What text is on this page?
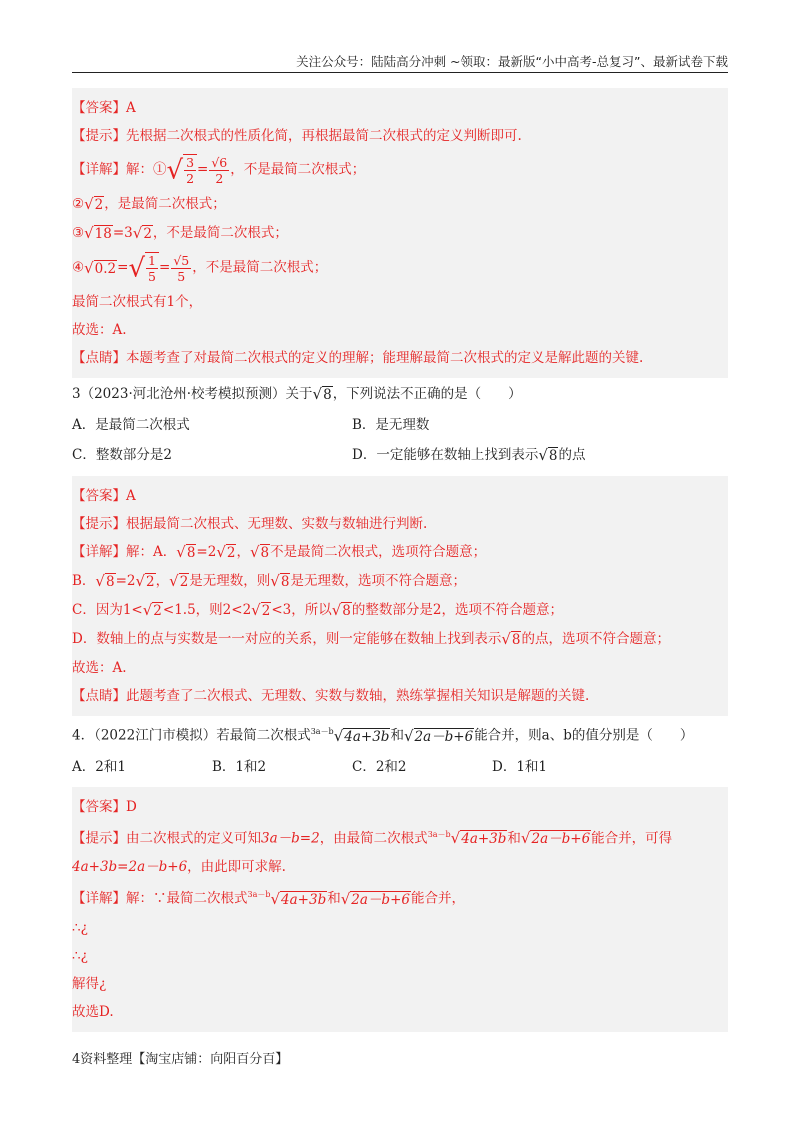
关注公众号：陆陆高分冲刺 ~领取：最新版“小中高考-总复习”、最新试卷下载
【答案】A
【提示】先根据二次根式的性质化简，再根据最简二次根式的定义判断即可.
【详解】解：①√ $\frac{3}{2} = \frac{√6}{2}$ ，不是最简二次根式；
②√2，是最简二次根式；
③√18=3√2，不是最简二次根式；
④√0.2=√ $\frac{1}{5} = \frac{√5}{5}$ ，不是最简二次根式；
最简二次根式有1个，
故选：A.
【点睛】本题考查了对最简二次根式的定义的理解；能理解最简二次根式的定义是解此题的关键.
3（2023·河北沧州·校考模拟预测）关于√8，下列说法不正确的是（　　）
A．是最简二次根式	B．是无理数
C．整数部分是2	D．一定能够在数轴上找到表示√8的点
【答案】A
【提示】根据最简二次根式、无理数、实数与数轴进行判断.
【详解】解：A．√8=2√2，√8不是最简二次根式，选项符合题意；
B．√8=2√2，√2是无理数，则√8是无理数，选项不符合题意；
C．因为1<√2<1.5，则2<2√2<3，所以√8的整数部分是2，选项不符合题意；
D．数轴上的点与实数是一一对应的关系，则一定能够在数轴上找到表示√8的点，选项不符合题意；
故选：A.
【点睛】此题考查了二次根式、无理数、实数与数轴，熟练掌握相关知识是解题的关键.
4．（2022江门市模拟）若最简二次根式$^{3a-b}$√4a+3b和√2a－b+6能合并，则a、b的值分别是（　　）
A．2和1	B．1和2	C．2和2	D．1和1
【答案】D
【提示】由二次根式的定义可知3a－b=2，由最简二次根式$^{3a-b}$√4a+3b和√2a－b+6能合并，可得
4a+3b=2a－b+6，由此即可求解.
【详解】解：∵最简二次根式$^{3a-b}$√4a+3b和√2a－b+6能合并，
∴¿
∴¿
解得¿
故选D.
4资料整理【淘宝店铺：向阳百分百】
